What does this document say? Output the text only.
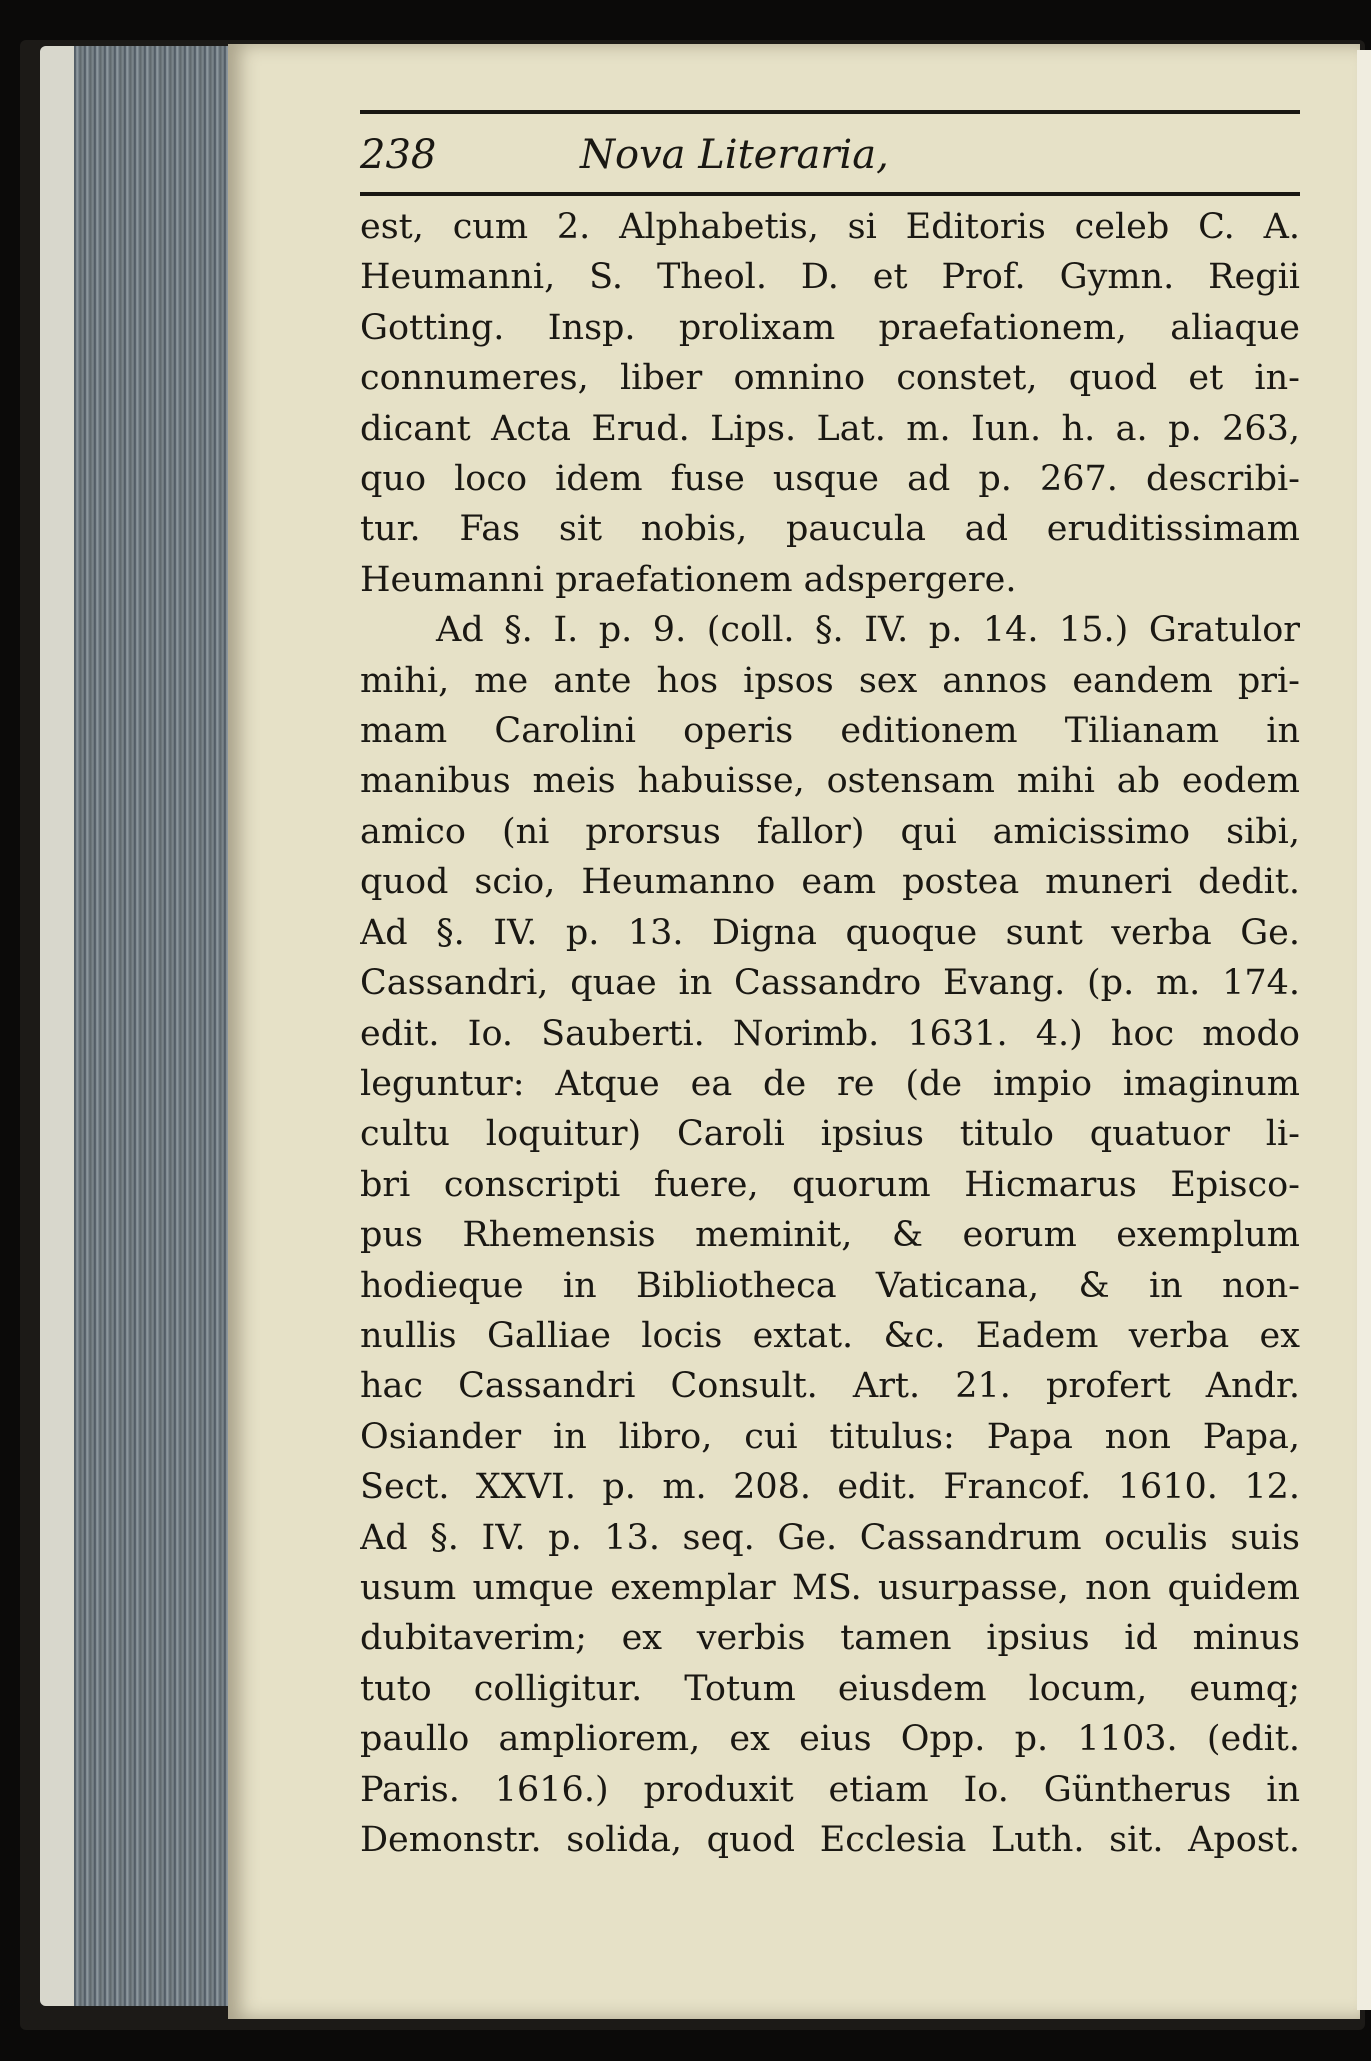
238	Nova Literaria,
est, cum 2. Alphabetis, si Editoris celeb C. A.
Heumanni, S. Theol. D. et Prof. Gymn. Regii
Gotting. Insp. prolixam praefationem, aliaque
connumeres, liber omnino constet, quod et in-
dicant Acta Erud. Lips. Lat. m. Iun. h. a. p. 263,
quo loco idem fuse usque ad p. 267. describi-
tur. Fas sit nobis, paucula ad eruditissimam
Heumanni praefationem adspergere.
Ad §. I. p. 9. (coll. §. IV. p. 14. 15.) Gratulor
mihi, me ante hos ipsos sex annos eandem pri-
mam Carolini operis editionem Tilianam in
manibus meis habuisse, ostensam mihi ab eodem
amico (ni prorsus fallor) qui amicissimo sibi,
quod scio, Heumanno eam postea muneri dedit.
Ad §. IV. p. 13. Digna quoque sunt verba Ge.
Cassandri, quae in Cassandro Evang. (p. m. 174.
edit. Io. Sauberti. Norimb. 1631. 4.) hoc modo
leguntur: Atque ea de re (de impio imaginum
cultu loquitur) Caroli ipsius titulo quatuor li-
bri conscripti fuere, quorum Hicmarus Episco-
pus Rhemensis meminit, & eorum exemplum
hodieque in Bibliotheca Vaticana, & in non-
nullis Galliae locis extat. &c. Eadem verba ex
hac Cassandri Consult. Art. 21. profert Andr.
Osiander in libro, cui titulus: Papa non Papa,
Sect. XXVI. p. m. 208. edit. Francof. 1610. 12.
Ad §. IV. p. 13. seq. Ge. Cassandrum oculis suis
usum umque exemplar MS. usurpasse, non quidem
dubitaverim; ex verbis tamen ipsius id minus
tuto colligitur. Totum eiusdem locum, eumq;
paullo ampliorem, ex eius Opp. p. 1103. (edit.
Paris. 1616.) produxit etiam Io. Güntherus in
Demonstr. solida, quod Ecclesia Luth. sit. Apost.
